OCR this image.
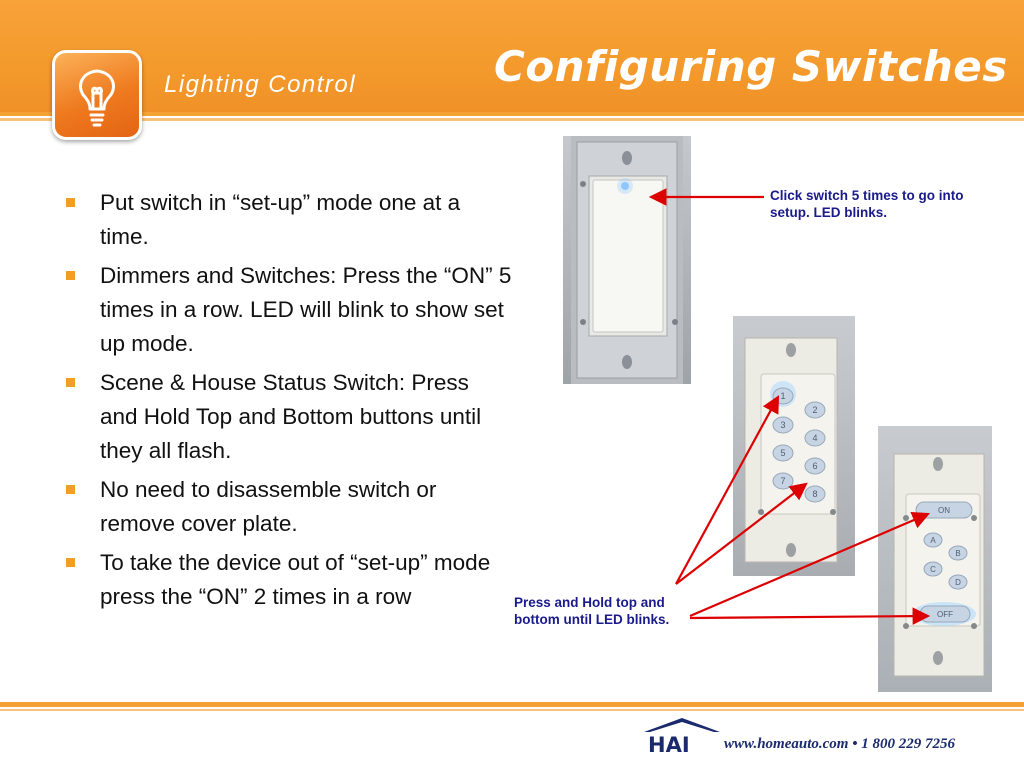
Lighting Control	Configuring Switches
Put switch in “set-up” mode one at a time.
Dimmers and Switches: Press the “ON” 5 times in a row. LED will blink to show set up mode.
Scene & House Status Switch: Press and Hold Top and Bottom buttons until they all flash.
No need to disassemble switch or remove cover plate.
To take the device out of “set-up” mode press the “ON” 2 times in a row
1
2
3
4
5
6
7
8
ON
A
B
C
D
OFF
Click switch 5 times to go into setup. LED blinks.
Press and Hold top and bottom until LED blinks.
HAI www.homeauto.com • 1 800 229 7256
